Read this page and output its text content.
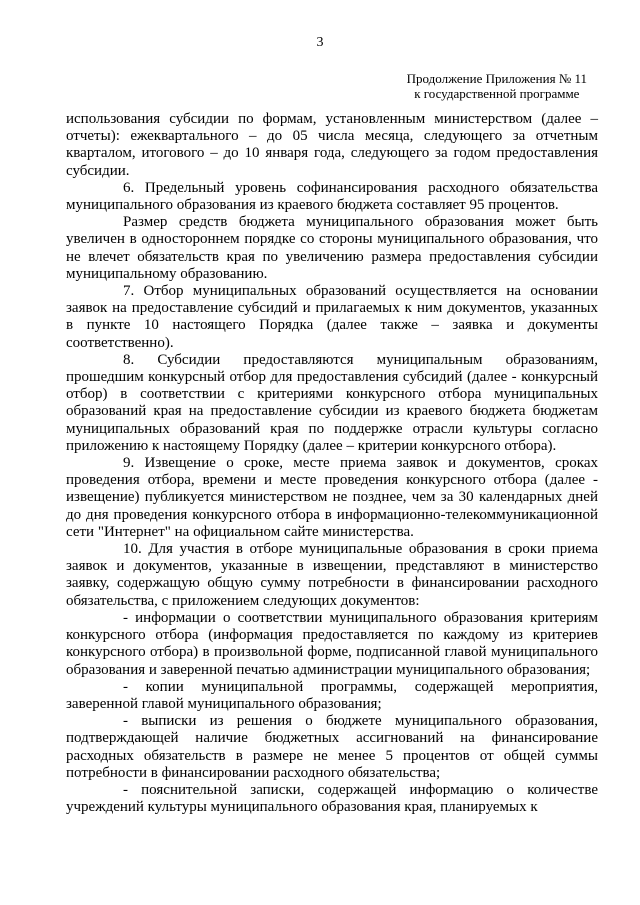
3
Продолжение Приложения № 11
к государственной программе

использования субсидии по формам, установленным министерством (далее – отчеты): ежеквартального – до 05 числа месяца, следующего за отчетным кварталом, итогового – до 10 января года, следующего за годом предоставления субсидии.

6. Предельный уровень софинансирования расходного обязательства муниципального образования из краевого бюджета составляет 95 процентов.

Размер средств бюджета муниципального образования может быть увеличен в одностороннем порядке со стороны муниципального образования, что не влечет обязательств края по увеличению размера предоставления субсидии муниципальному образованию.

7. Отбор муниципальных образований осуществляется на основании заявок на предоставление субсидий и прилагаемых к ним документов, указанных в пункте 10 настоящего Порядка (далее также – заявка и документы соответственно).

8. Субсидии предоставляются муниципальным образованиям, прошедшим конкурсный отбор для предоставления субсидий (далее - конкурсный отбор) в соответствии с критериями конкурсного отбора муниципальных образований края на предоставление субсидии из краевого бюджета бюджетам муниципальных образований края по поддержке отрасли культуры согласно приложению к настоящему Порядку (далее – критерии конкурсного отбора).

9. Извещение о сроке, месте приема заявок и документов, сроках проведения отбора, времени и месте проведения конкурсного отбора (далее - извещение) публикуется министерством не позднее, чем за 30 календарных дней до дня проведения конкурсного отбора в информационно-телекоммуникационной сети "Интернет" на официальном сайте министерства.

10. Для участия в отборе муниципальные образования в сроки приема заявок и документов, указанные в извещении, представляют в министерство заявку, содержащую общую сумму потребности в финансировании расходного обязательства, с приложением следующих документов:

- информации о соответствии муниципального образования критериям конкурсного отбора (информация предоставляется по каждому из критериев конкурсного отбора) в произвольной форме, подписанной главой муниципального образования и заверенной печатью администрации муниципального образования;

- копии муниципальной программы, содержащей мероприятия, заверенной главой муниципального образования;

- выписки из решения о бюджете муниципального образования, подтверждающей наличие бюджетных ассигнований на финансирование расходных обязательств в размере не менее 5 процентов от общей суммы потребности в финансировании расходного обязательства;

- пояснительной записки, содержащей информацию о количестве учреждений культуры муниципального образования края, планируемых к
